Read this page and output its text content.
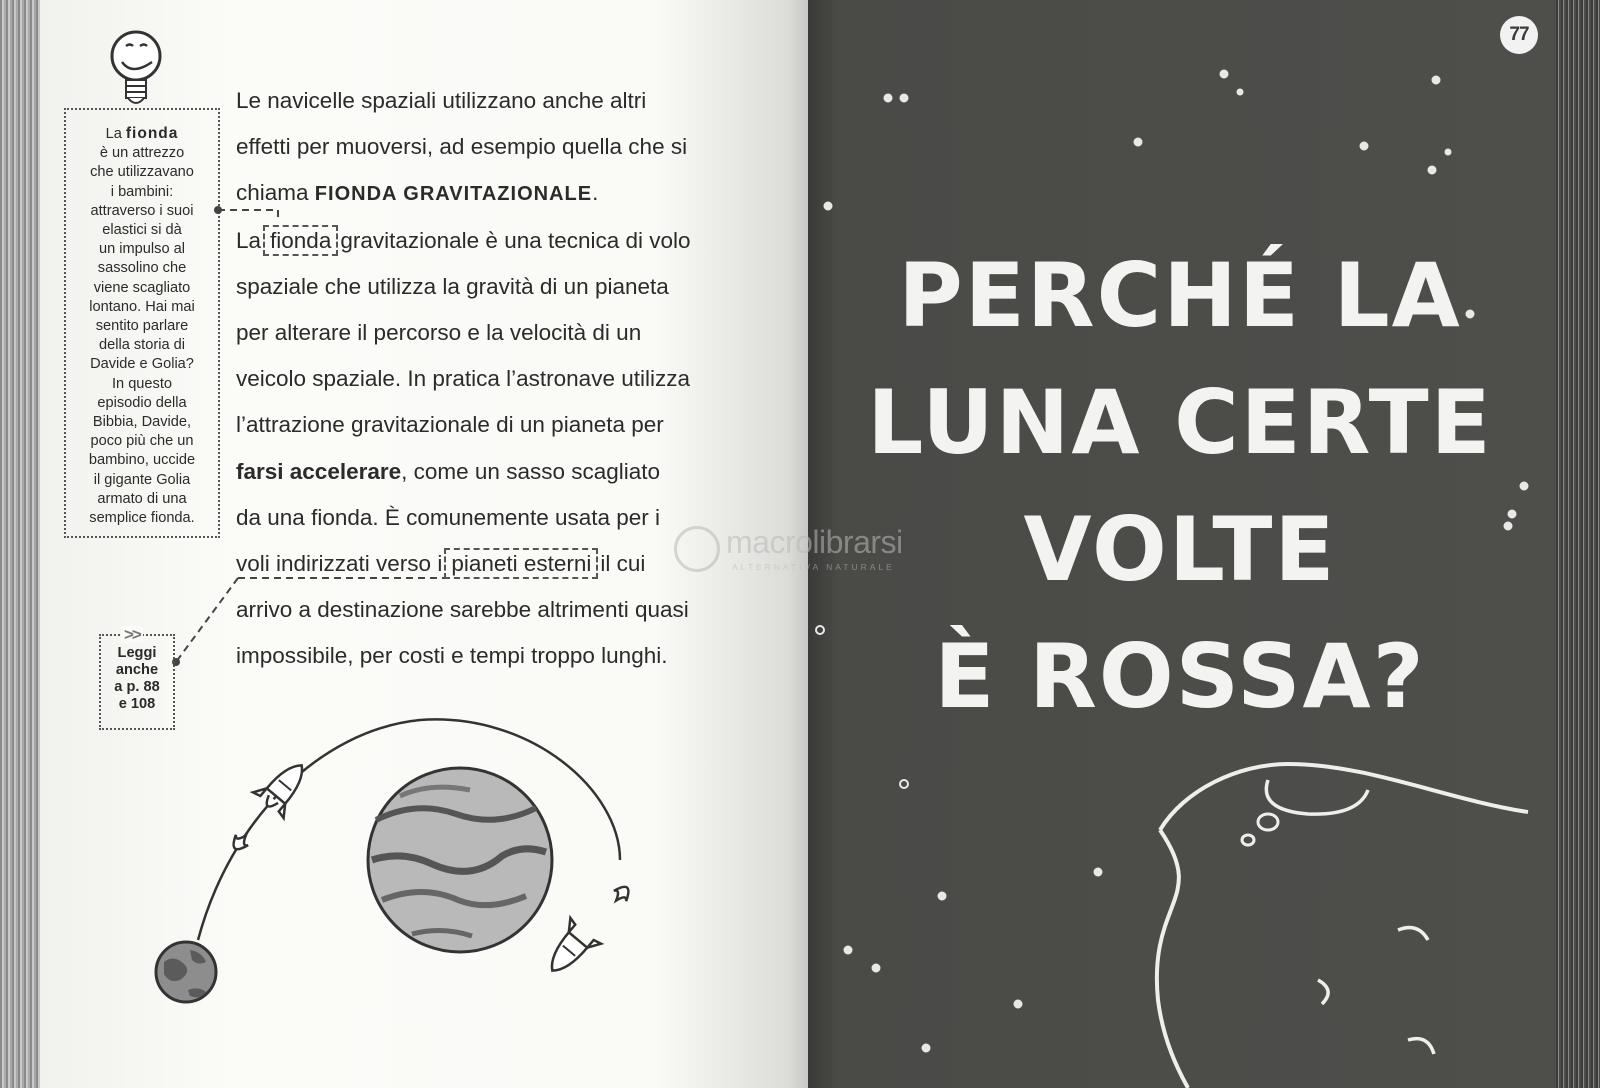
La fionda
è un attrezzo
che utilizzavano
i bambini:
attraverso i suoi
elastici si dà
un impulso al
sassolino che
viene scagliato
lontano. Hai mai
sentito parlare
della storia di
Davide e Golia?
In questo
episodio della
Bibbia, Davide,
poco più che un
bambino, uccide
il gigante Golia
armato di una
semplice fionda.

Le navicelle spaziali utilizzano anche altri

effetti per muoversi, ad esempio quella che si

chiama FIONDA GRAVITAZIONALE.

La fionda gravitazionale è una tecnica di volo

spaziale che utilizza la gravità di un pianeta

per alterare il percorso e la velocità di un

veicolo spaziale. In pratica l’astronave utilizza

l’attrazione gravitazionale di un pianeta per

farsi accelerare, come un sasso scagliato

da una fionda. È comunemente usata per i

voli indirizzati verso i pianeti esterni il cui

arrivo a destinazione sarebbe altrimenti quasi

impossibile, per costi e tempi troppo lunghi.

>>
Leggi
anche
a p. 88
e 108
77
PERCHÉ LA
LUNA CERTE
VOLTE
È ROSSA?
macrolibrarsi
ALTERNATIVA NATURALE
